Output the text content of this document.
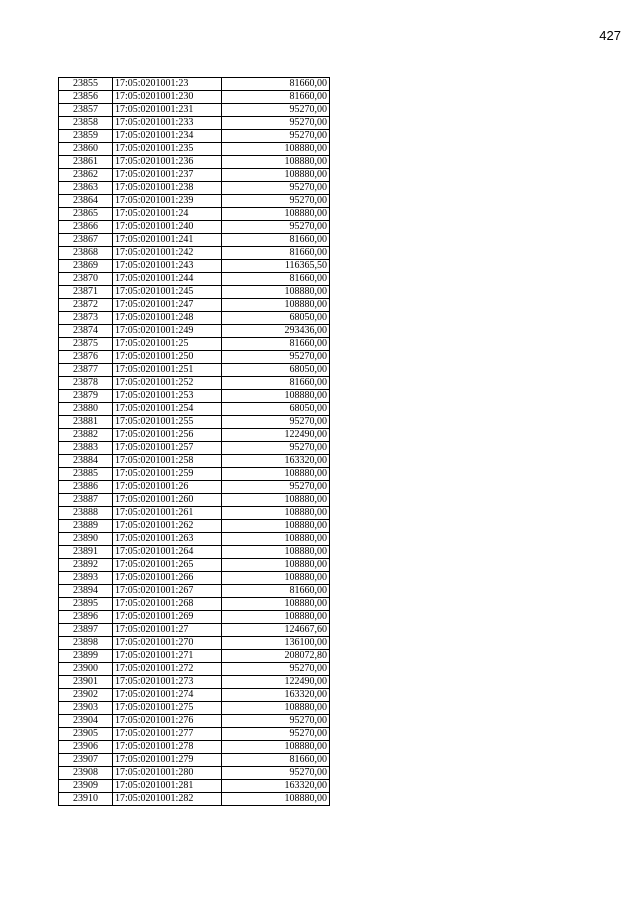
427
23855	17:05:0201001:23	81660,00
23856	17:05:0201001:230	81660,00
23857	17:05:0201001:231	95270,00
23858	17:05:0201001:233	95270,00
23859	17:05:0201001:234	95270,00
23860	17:05:0201001:235	108880,00
23861	17:05:0201001:236	108880,00
23862	17:05:0201001:237	108880,00
23863	17:05:0201001:238	95270,00
23864	17:05:0201001:239	95270,00
23865	17:05:0201001:24	108880,00
23866	17:05:0201001:240	95270,00
23867	17:05:0201001:241	81660,00
23868	17:05:0201001:242	81660,00
23869	17:05:0201001:243	116365,50
23870	17:05:0201001:244	81660,00
23871	17:05:0201001:245	108880,00
23872	17:05:0201001:247	108880,00
23873	17:05:0201001:248	68050,00
23874	17:05:0201001:249	293436,00
23875	17:05:0201001:25	81660,00
23876	17:05:0201001:250	95270,00
23877	17:05:0201001:251	68050,00
23878	17:05:0201001:252	81660,00
23879	17:05:0201001:253	108880,00
23880	17:05:0201001:254	68050,00
23881	17:05:0201001:255	95270,00
23882	17:05:0201001:256	122490,00
23883	17:05:0201001:257	95270,00
23884	17:05:0201001:258	163320,00
23885	17:05:0201001:259	108880,00
23886	17:05:0201001:26	95270,00
23887	17:05:0201001:260	108880,00
23888	17:05:0201001:261	108880,00
23889	17:05:0201001:262	108880,00
23890	17:05:0201001:263	108880,00
23891	17:05:0201001:264	108880,00
23892	17:05:0201001:265	108880,00
23893	17:05:0201001:266	108880,00
23894	17:05:0201001:267	81660,00
23895	17:05:0201001:268	108880,00
23896	17:05:0201001:269	108880,00
23897	17:05:0201001:27	124667,60
23898	17:05:0201001:270	136100,00
23899	17:05:0201001:271	208072,80
23900	17:05:0201001:272	95270,00
23901	17:05:0201001:273	122490,00
23902	17:05:0201001:274	163320,00
23903	17:05:0201001:275	108880,00
23904	17:05:0201001:276	95270,00
23905	17:05:0201001:277	95270,00
23906	17:05:0201001:278	108880,00
23907	17:05:0201001:279	81660,00
23908	17:05:0201001:280	95270,00
23909	17:05:0201001:281	163320,00
23910	17:05:0201001:282	108880,00
